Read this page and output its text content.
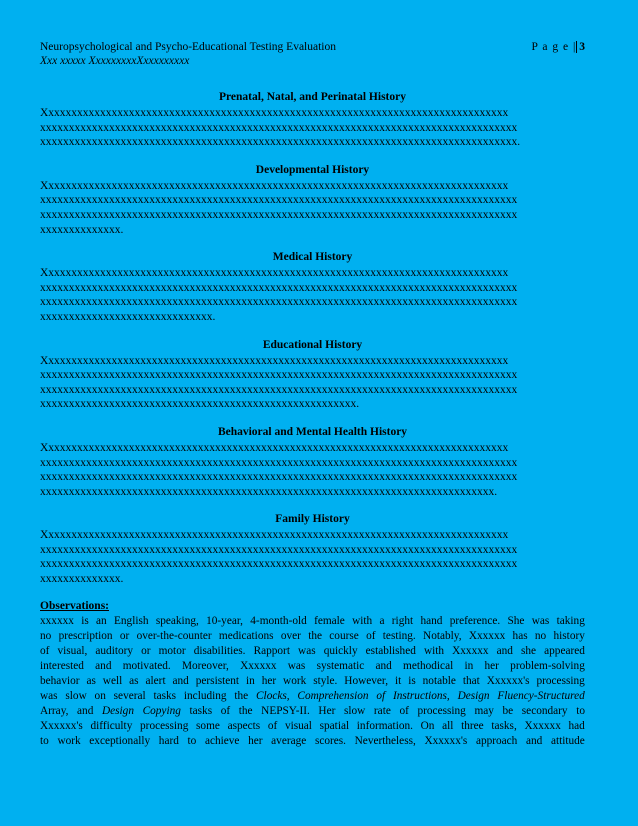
Neuropsychological and Psycho-Educational Testing Evaluation	P a g e | 3
Xxx xxxxx XxxxxxxxxXxxxxxxxxx
Prenatal, Natal, and Perinatal History
Xxxxxxxxxxxxxxxxxxxxxxxxxxxxxxxxxxxxxxxxxxxxxxxxxxxxxxxxxxxxxxxxxxxxxxxxxxxxxxxxx
xxxxxxxxxxxxxxxxxxxxxxxxxxxxxxxxxxxxxxxxxxxxxxxxxxxxxxxxxxxxxxxxxxxxxxxxxxxxxxxxxxx
xxxxxxxxxxxxxxxxxxxxxxxxxxxxxxxxxxxxxxxxxxxxxxxxxxxxxxxxxxxxxxxxxxxxxxxxxxxxxxxxxxx.
Developmental History
Xxxxxxxxxxxxxxxxxxxxxxxxxxxxxxxxxxxxxxxxxxxxxxxxxxxxxxxxxxxxxxxxxxxxxxxxxxxxxxxxx
xxxxxxxxxxxxxxxxxxxxxxxxxxxxxxxxxxxxxxxxxxxxxxxxxxxxxxxxxxxxxxxxxxxxxxxxxxxxxxxxxxx
xxxxxxxxxxxxxxxxxxxxxxxxxxxxxxxxxxxxxxxxxxxxxxxxxxxxxxxxxxxxxxxxxxxxxxxxxxxxxxxxxxx
xxxxxxxxxxxxxx.
Medical History
Xxxxxxxxxxxxxxxxxxxxxxxxxxxxxxxxxxxxxxxxxxxxxxxxxxxxxxxxxxxxxxxxxxxxxxxxxxxxxxxxx
xxxxxxxxxxxxxxxxxxxxxxxxxxxxxxxxxxxxxxxxxxxxxxxxxxxxxxxxxxxxxxxxxxxxxxxxxxxxxxxxxxx
xxxxxxxxxxxxxxxxxxxxxxxxxxxxxxxxxxxxxxxxxxxxxxxxxxxxxxxxxxxxxxxxxxxxxxxxxxxxxxxxxxx
xxxxxxxxxxxxxxxxxxxxxxxxxxxxxx.
Educational History
Xxxxxxxxxxxxxxxxxxxxxxxxxxxxxxxxxxxxxxxxxxxxxxxxxxxxxxxxxxxxxxxxxxxxxxxxxxxxxxxxx
xxxxxxxxxxxxxxxxxxxxxxxxxxxxxxxxxxxxxxxxxxxxxxxxxxxxxxxxxxxxxxxxxxxxxxxxxxxxxxxxxxx
xxxxxxxxxxxxxxxxxxxxxxxxxxxxxxxxxxxxxxxxxxxxxxxxxxxxxxxxxxxxxxxxxxxxxxxxxxxxxxxxxxx
xxxxxxxxxxxxxxxxxxxxxxxxxxxxxxxxxxxxxxxxxxxxxxxxxxxxxxx.
Behavioral and Mental Health History
Xxxxxxxxxxxxxxxxxxxxxxxxxxxxxxxxxxxxxxxxxxxxxxxxxxxxxxxxxxxxxxxxxxxxxxxxxxxxxxxxx
xxxxxxxxxxxxxxxxxxxxxxxxxxxxxxxxxxxxxxxxxxxxxxxxxxxxxxxxxxxxxxxxxxxxxxxxxxxxxxxxxxx
xxxxxxxxxxxxxxxxxxxxxxxxxxxxxxxxxxxxxxxxxxxxxxxxxxxxxxxxxxxxxxxxxxxxxxxxxxxxxxxxxxx
xxxxxxxxxxxxxxxxxxxxxxxxxxxxxxxxxxxxxxxxxxxxxxxxxxxxxxxxxxxxxxxxxxxxxxxxxxxxxxx.
Family History
Xxxxxxxxxxxxxxxxxxxxxxxxxxxxxxxxxxxxxxxxxxxxxxxxxxxxxxxxxxxxxxxxxxxxxxxxxxxxxxxxx
xxxxxxxxxxxxxxxxxxxxxxxxxxxxxxxxxxxxxxxxxxxxxxxxxxxxxxxxxxxxxxxxxxxxxxxxxxxxxxxxxxx
xxxxxxxxxxxxxxxxxxxxxxxxxxxxxxxxxxxxxxxxxxxxxxxxxxxxxxxxxxxxxxxxxxxxxxxxxxxxxxxxxxx
xxxxxxxxxxxxxx.
Observations:
xxxxxx is an English speaking, 10-year, 4-month-old female with a right hand preference. She was taking
no prescription or over-the-counter medications over the course of testing. Notably, Xxxxxx has no history
of visual, auditory or motor disabilities. Rapport was quickly established with Xxxxxx and she appeared
interested and motivated. Moreover, Xxxxxx was systematic and methodical in her problem-solving
behavior as well as alert and persistent in her work style. However, it is notable that Xxxxxx's processing
was slow on several tasks including the Clocks, Comprehension of Instructions, Design Fluency-Structured
Array, and Design Copying tasks of the NEPSY-II. Her slow rate of processing may be secondary to
Xxxxxx's difficulty processing some aspects of visual spatial information. On all three tasks, Xxxxxx had
to work exceptionally hard to achieve her average scores. Nevertheless, Xxxxxx's approach and attitude
